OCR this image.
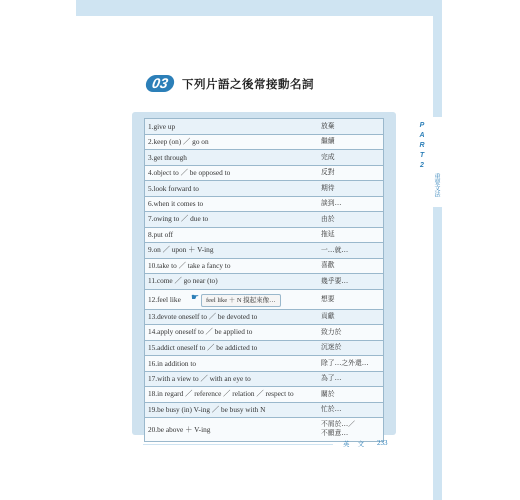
P
A
R
T
2
重要文法
03	下列片語之後常接動名詞
1.give up	放棄
2.keep (on) ／ go on	繼續
3.get through	完成
4.object to ／ be opposed to	反對
5.look forward to	期待
6.when it comes to	談到…
7.owing to ／ due to	由於
8.put off	拖延
9.on ／ upon ＋ V-ing	一…就…
10.take to ／ take a fancy to	喜歡
11.come ／ go near (to)	幾乎要…
12.feel like	想要
☛ feel like ＋ N 摸起來像…
13.devote oneself to ／ be devoted to	貢獻
14.apply oneself to ／ be applied to	致力於
15.addict oneself to ／ be addicted to	沉迷於
16.in addition to	除了…之外還…
17.with a view to ／ with an eye to	為了…
18.in regard ／ reference ／ relation ／ respect to	關於
19.be busy (in) V-ing ／ be busy with N	忙於…
20.be above ＋ V-ing
不屑於…／
不願意…
英 文 233
